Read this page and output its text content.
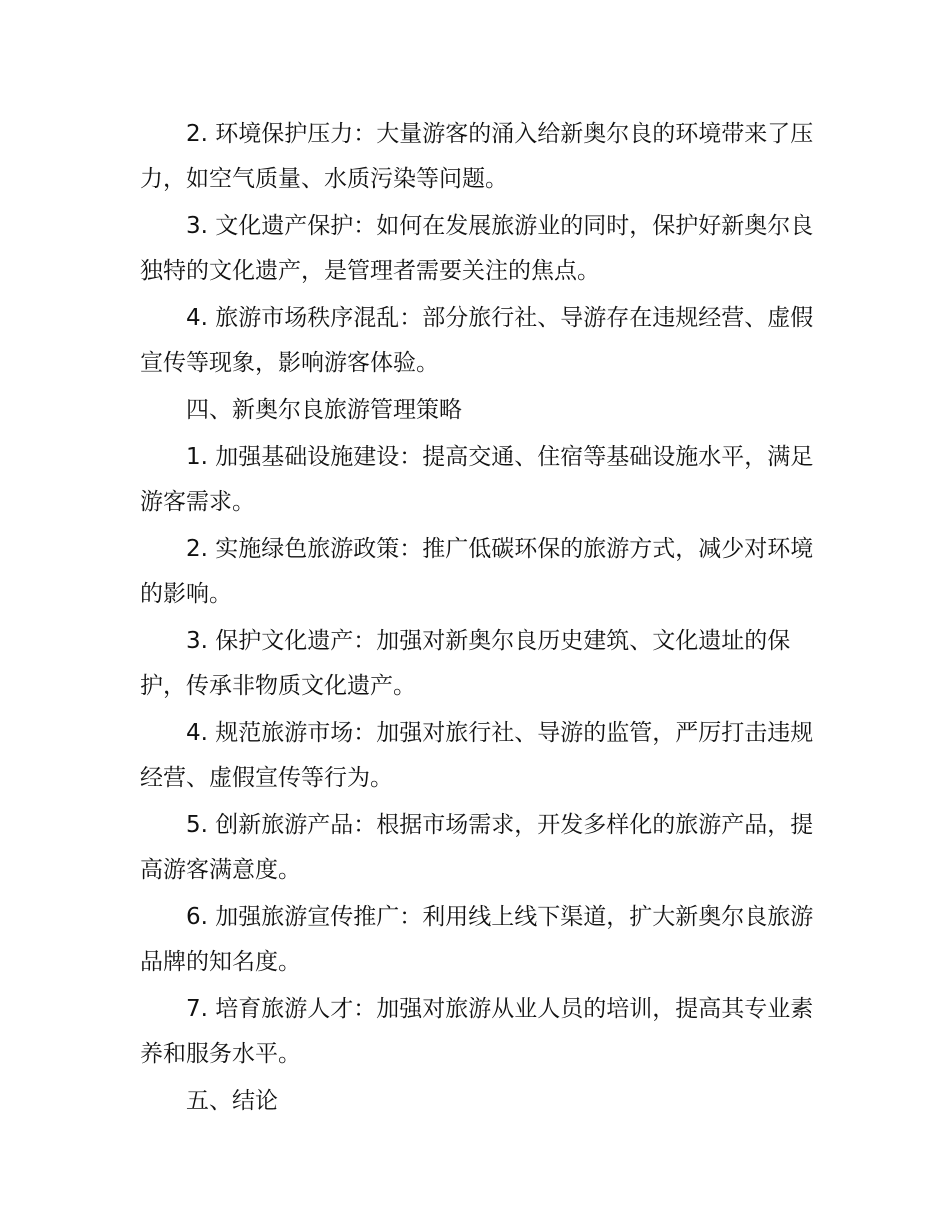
2. 环境保护压力：大量游客的涌入给新奥尔良的环境带来了压力，如空气质量、水质污染等问题。

3. 文化遗产保护：如何在发展旅游业的同时，保护好新奥尔良独特的文化遗产，是管理者需要关注的焦点。

4. 旅游市场秩序混乱：部分旅行社、导游存在违规经营、虚假宣传等现象，影响游客体验。

四、新奥尔良旅游管理策略

1. 加强基础设施建设：提高交通、住宿等基础设施水平，满足游客需求。

2. 实施绿色旅游政策：推广低碳环保的旅游方式，减少对环境的影响。

3. 保护文化遗产：加强对新奥尔良历史建筑、文化遗址的保护，传承非物质文化遗产。

4. 规范旅游市场：加强对旅行社、导游的监管，严厉打击违规经营、虚假宣传等行为。

5. 创新旅游产品：根据市场需求，开发多样化的旅游产品，提高游客满意度。

6. 加强旅游宣传推广：利用线上线下渠道，扩大新奥尔良旅游品牌的知名度。

7. 培育旅游人才：加强对旅游从业人员的培训，提高其专业素养和服务水平。

五、结论
